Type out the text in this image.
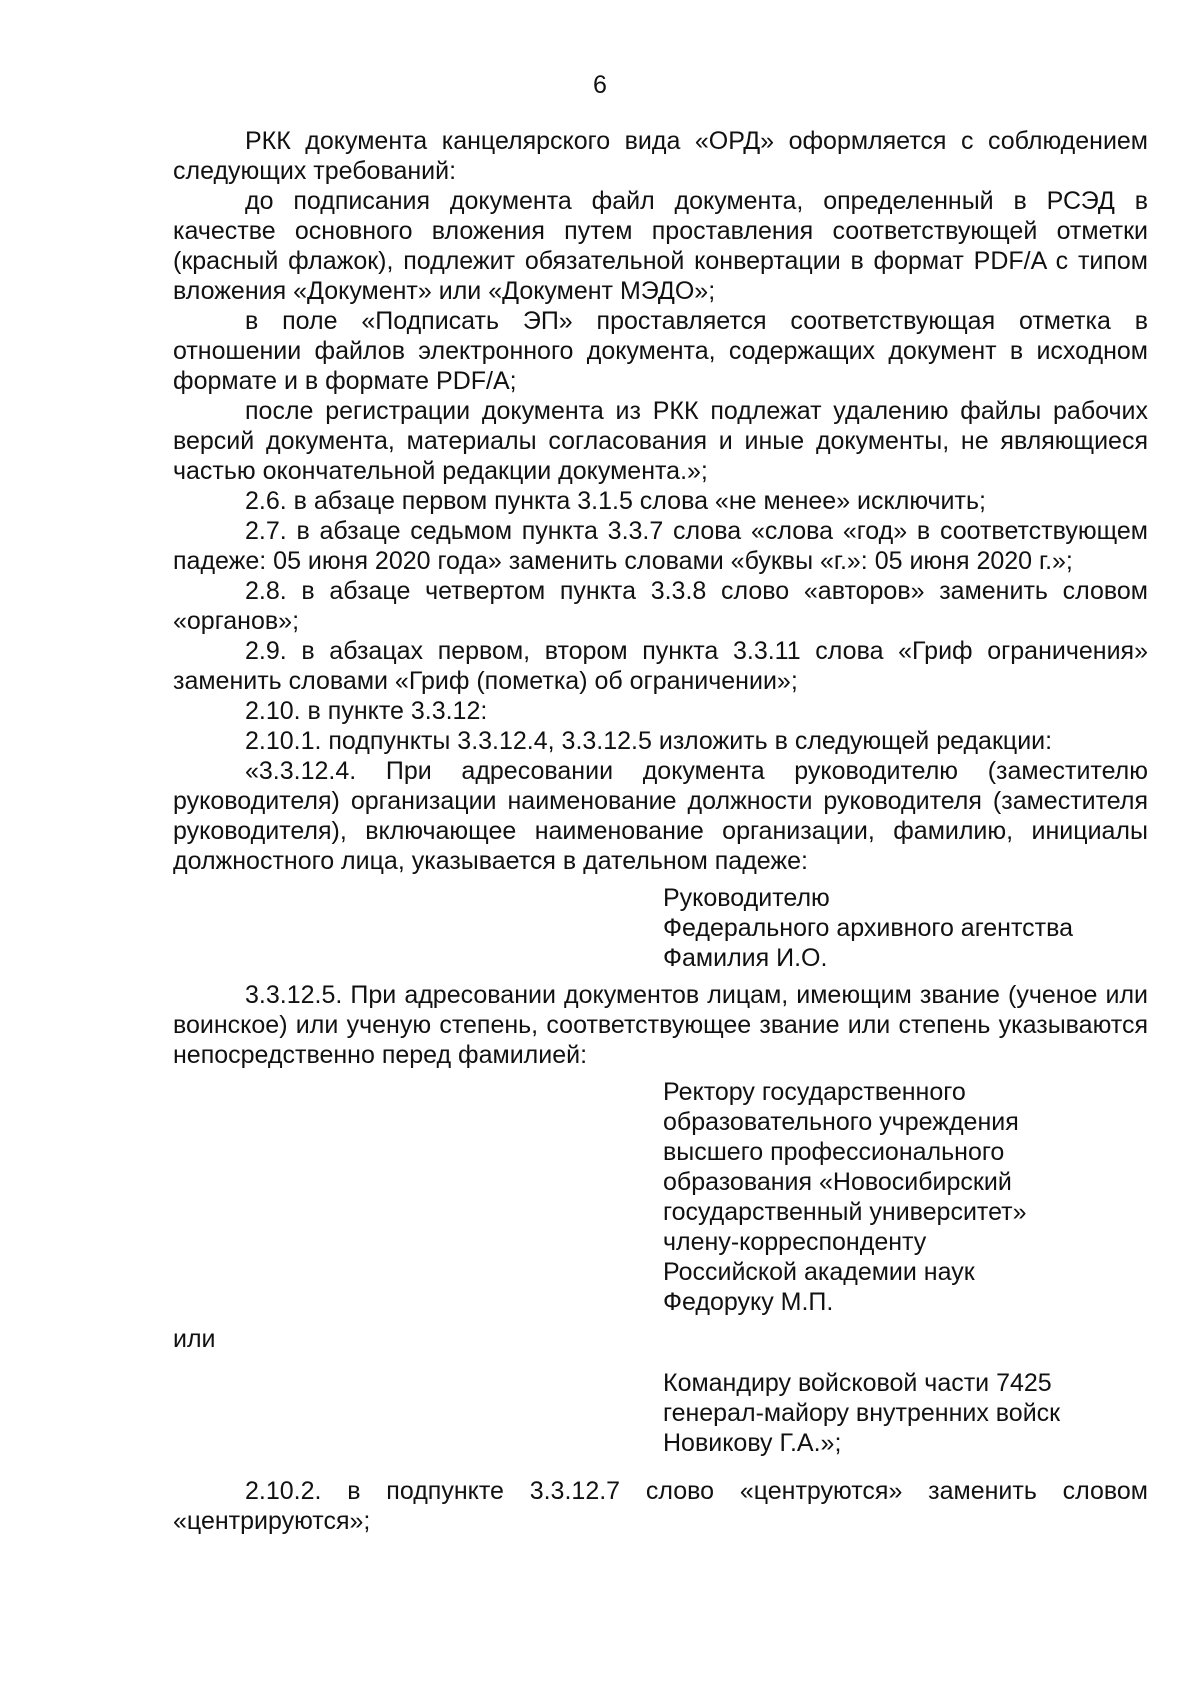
6

РКК документа канцелярского вида «ОРД» оформляется с соблюдением следующих требований:

до подписания документа файл документа, определенный в РСЭД в качестве основного вложения путем проставления соответствующей отметки (красный флажок), подлежит обязательной конвертации в формат PDF/A с типом вложения «Документ» или «Документ МЭДО»;

в поле «Подписать ЭП» проставляется соответствующая отметка в отношении файлов электронного документа, содержащих документ в исходном формате и в формате PDF/A;

после регистрации документа из РКК подлежат удалению файлы рабочих версий документа, материалы согласования и иные документы, не являющиеся частью окончательной редакции документа.»;

2.6. в абзаце первом пункта 3.1.5 слова «не менее» исключить;

2.7. в абзаце седьмом пункта 3.3.7 слова «слова «год» в соответствующем падеже: 05 июня 2020 года» заменить словами «буквы «г.»: 05 июня 2020 г.»;

2.8. в абзаце четвертом пункта 3.3.8 слово «авторов» заменить словом «органов»;

2.9. в абзацах первом, втором пункта 3.3.11 слова «Гриф ограничения» заменить словами «Гриф (пометка) об ограничении»;

2.10. в пункте 3.3.12:

2.10.1. подпункты 3.3.12.4, 3.3.12.5 изложить в следующей редакции:

«3.3.12.4. При адресовании документа руководителю (заместителю руководителя) организации наименование должности руководителя (заместителя руководителя), включающее наименование организации, фамилию, инициалы должностного лица, указывается в дательном падеже:

Руководителю
Федерального архивного агентства
Фамилия И.О.

3.3.12.5. При адресовании документов лицам, имеющим звание (ученое или воинское) или ученую степень, соответствующее звание или степень указываются непосредственно перед фамилией:

Ректору государственного
образовательного учреждения
высшего профессионального
образования «Новосибирский
государственный университет»
члену-корреспонденту
Российской академии наук
Федоруку М.П.

или

Командиру войсковой части 7425
генерал-майору внутренних войск
Новикову Г.А.»;

2.10.2. в подпункте 3.3.12.7 слово «центруются» заменить словом «центрируются»;
